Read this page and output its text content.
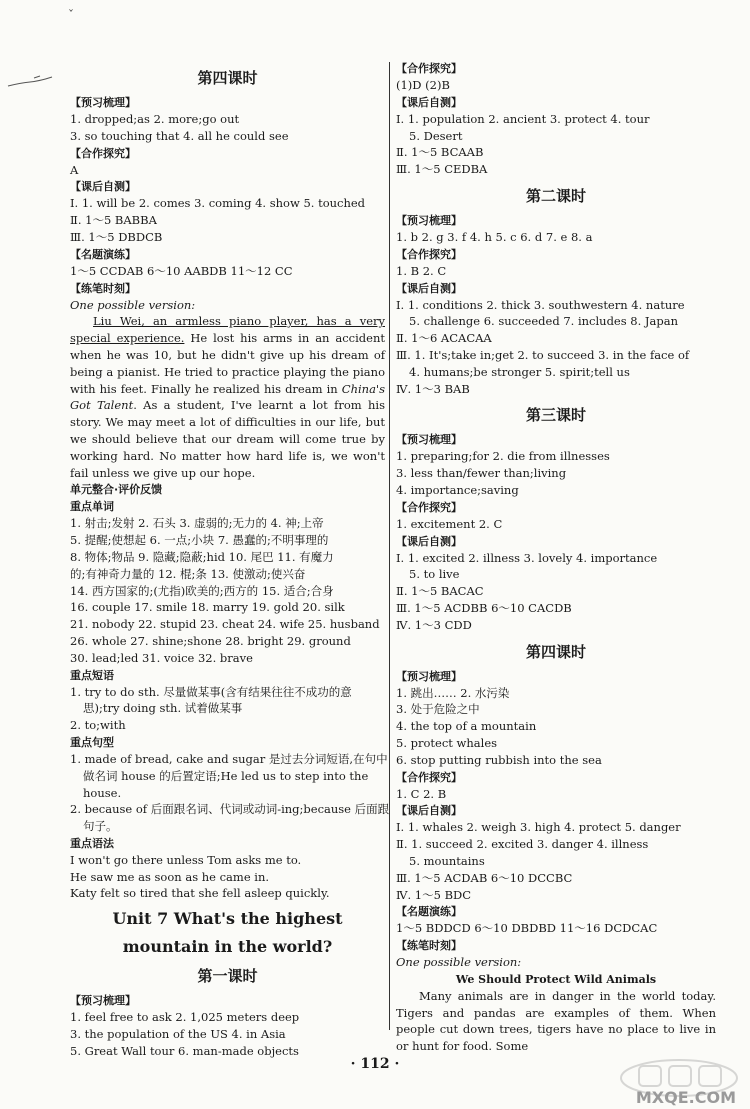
ˇ
第四课时
【预习梳理】
1. dropped;as 2. more;go out
3. so touching that 4. all he could see
【合作探究】
A
【课后自测】
Ⅰ. 1. will be 2. comes 3. coming 4. show 5. touched
Ⅱ. 1～5 BABBA
Ⅲ. 1～5 DBDCB
【名题演练】
1～5 CCDAB 6～10 AABDB 11～12 CC
【练笔时刻】
One possible version:
Liu Wei, an armless piano player, has a very special experience. He lost his arms in an accident when he was 10, but he didn't give up his dream of being a pianist. He tried to practice playing the piano with his feet. Finally he realized his dream in China's Got Talent. As a student, I've learnt a lot from his story. We may meet a lot of difficulties in our life, but we should believe that our dream will come true by working hard. No matter how hard life is, we won't fail unless we give up our hope.
单元整合·评价反馈
重点单词
1. 射击;发射 2. 石头 3. 虚弱的;无力的 4. 神;上帝
5. 提醒;使想起 6. 一点;小块 7. 愚蠢的;不明事理的
8. 物体;物品 9. 隐藏;隐蔽;hid 10. 尾巴 11. 有魔力
的;有神奇力量的 12. 棍;条 13. 使激动;使兴奋
14. 西方国家的;(尤指)欧美的;西方的 15. 适合;合身
16. couple 17. smile 18. marry 19. gold 20. silk
21. nobody 22. stupid 23. cheat 24. wife 25. husband
26. whole 27. shine;shone 28. bright 29. ground
30. lead;led 31. voice 32. brave
重点短语
1. try to do sth. 尽量做某事(含有结果往往不成功的意
思);try doing sth. 试着做某事
2. to;with
重点句型
1. made of bread, cake and sugar 是过去分词短语,在句中
做名词 house 的后置定语;He led us to step into the
house.
2. because of 后面跟名词、代词或动词-ing;because 后面跟
句子。
重点语法
I won't go there unless Tom asks me to.
He saw me as soon as he came in.
Katy felt so tired that she fell asleep quickly.
Unit 7 What's the highest
mountain in the world?
第一课时
【预习梳理】
1. feel free to ask 2. 1,025 meters deep
3. the population of the US 4. in Asia
5. Great Wall tour 6. man-made objects
【合作探究】
(1)D (2)B
【课后自测】
Ⅰ. 1. population 2. ancient 3. protect 4. tour
5. Desert
Ⅱ. 1～5 BCAAB
Ⅲ. 1～5 CEDBA
第二课时
【预习梳理】
1. b 2. g 3. f 4. h 5. c 6. d 7. e 8. a
【合作探究】
1. B 2. C
【课后自测】
Ⅰ. 1. conditions 2. thick 3. southwestern 4. nature
5. challenge 6. succeeded 7. includes 8. Japan
Ⅱ. 1～6 ACACAA
Ⅲ. 1. It's;take in;get 2. to succeed 3. in the face of
4. humans;be stronger 5. spirit;tell us
Ⅳ. 1～3 BAB
第三课时
【预习梳理】
1. preparing;for 2. die from illnesses
3. less than/fewer than;living
4. importance;saving
【合作探究】
1. excitement 2. C
【课后自测】
Ⅰ. 1. excited 2. illness 3. lovely 4. importance
5. to live
Ⅱ. 1～5 BACAC
Ⅲ. 1～5 ACDBB 6～10 CACDB
Ⅳ. 1～3 CDD
第四课时
【预习梳理】
1. 跳出…… 2. 水污染
3. 处于危险之中
4. the top of a mountain
5. protect whales
6. stop putting rubbish into the sea
【合作探究】
1. C 2. B
【课后自测】
Ⅰ. 1. whales 2. weigh 3. high 4. protect 5. danger
Ⅱ. 1. succeed 2. excited 3. danger 4. illness
5. mountains
Ⅲ. 1～5 ACDAB 6～10 DCCBC
Ⅳ. 1～5 BDC
【名题演练】
1～5 BDDCD 6～10 DBDBD 11～16 DCDCAC
【练笔时刻】
One possible version:
We Should Protect Wild Animals
Many animals are in danger in the world today. Tigers and pandas are examples of them. When people cut down trees, tigers have no place to live in or hunt for food. Some
· 112 ·
MXQE.COM
